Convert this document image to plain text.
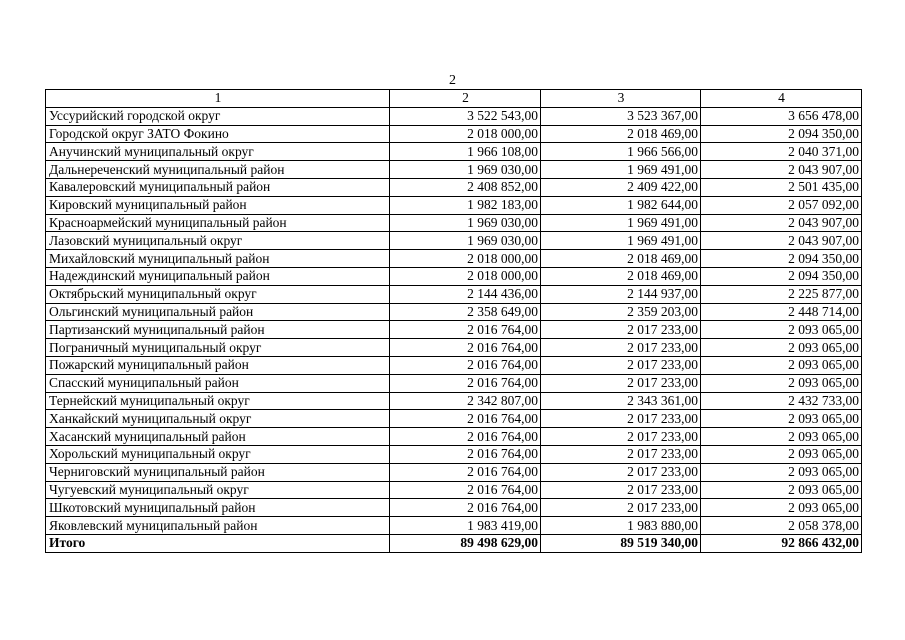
2
1	2	3	4
Уссурийский городской округ	3 522 543,00	3 523 367,00	3 656 478,00
Городской округ ЗАТО Фокино	2 018 000,00	2 018 469,00	2 094 350,00
Анучинский муниципальный округ	1 966 108,00	1 966 566,00	2 040 371,00
Дальнереченский муниципальный район	1 969 030,00	1 969 491,00	2 043 907,00
Кавалеровский муниципальный район	2 408 852,00	2 409 422,00	2 501 435,00
Кировский муниципальный район	1 982 183,00	1 982 644,00	2 057 092,00
Красноармейский муниципальный район	1 969 030,00	1 969 491,00	2 043 907,00
Лазовский муниципальный округ	1 969 030,00	1 969 491,00	2 043 907,00
Михайловский муниципальный район	2 018 000,00	2 018 469,00	2 094 350,00
Надеждинский муниципальный район	2 018 000,00	2 018 469,00	2 094 350,00
Октябрьский муниципальный округ	2 144 436,00	2 144 937,00	2 225 877,00
Ольгинский муниципальный район	2 358 649,00	2 359 203,00	2 448 714,00
Партизанский муниципальный район	2 016 764,00	2 017 233,00	2 093 065,00
Пограничный муниципальный округ	2 016 764,00	2 017 233,00	2 093 065,00
Пожарский муниципальный район	2 016 764,00	2 017 233,00	2 093 065,00
Спасский муниципальный район	2 016 764,00	2 017 233,00	2 093 065,00
Тернейский муниципальный округ	2 342 807,00	2 343 361,00	2 432 733,00
Ханкайский муниципальный округ	2 016 764,00	2 017 233,00	2 093 065,00
Хасанский муниципальный район	2 016 764,00	2 017 233,00	2 093 065,00
Хорольский муниципальный округ	2 016 764,00	2 017 233,00	2 093 065,00
Черниговский муниципальный район	2 016 764,00	2 017 233,00	2 093 065,00
Чугуевский муниципальный округ	2 016 764,00	2 017 233,00	2 093 065,00
Шкотовский муниципальный район	2 016 764,00	2 017 233,00	2 093 065,00
Яковлевский муниципальный район	1 983 419,00	1 983 880,00	2 058 378,00
Итого	89 498 629,00	89 519 340,00	92 866 432,00
